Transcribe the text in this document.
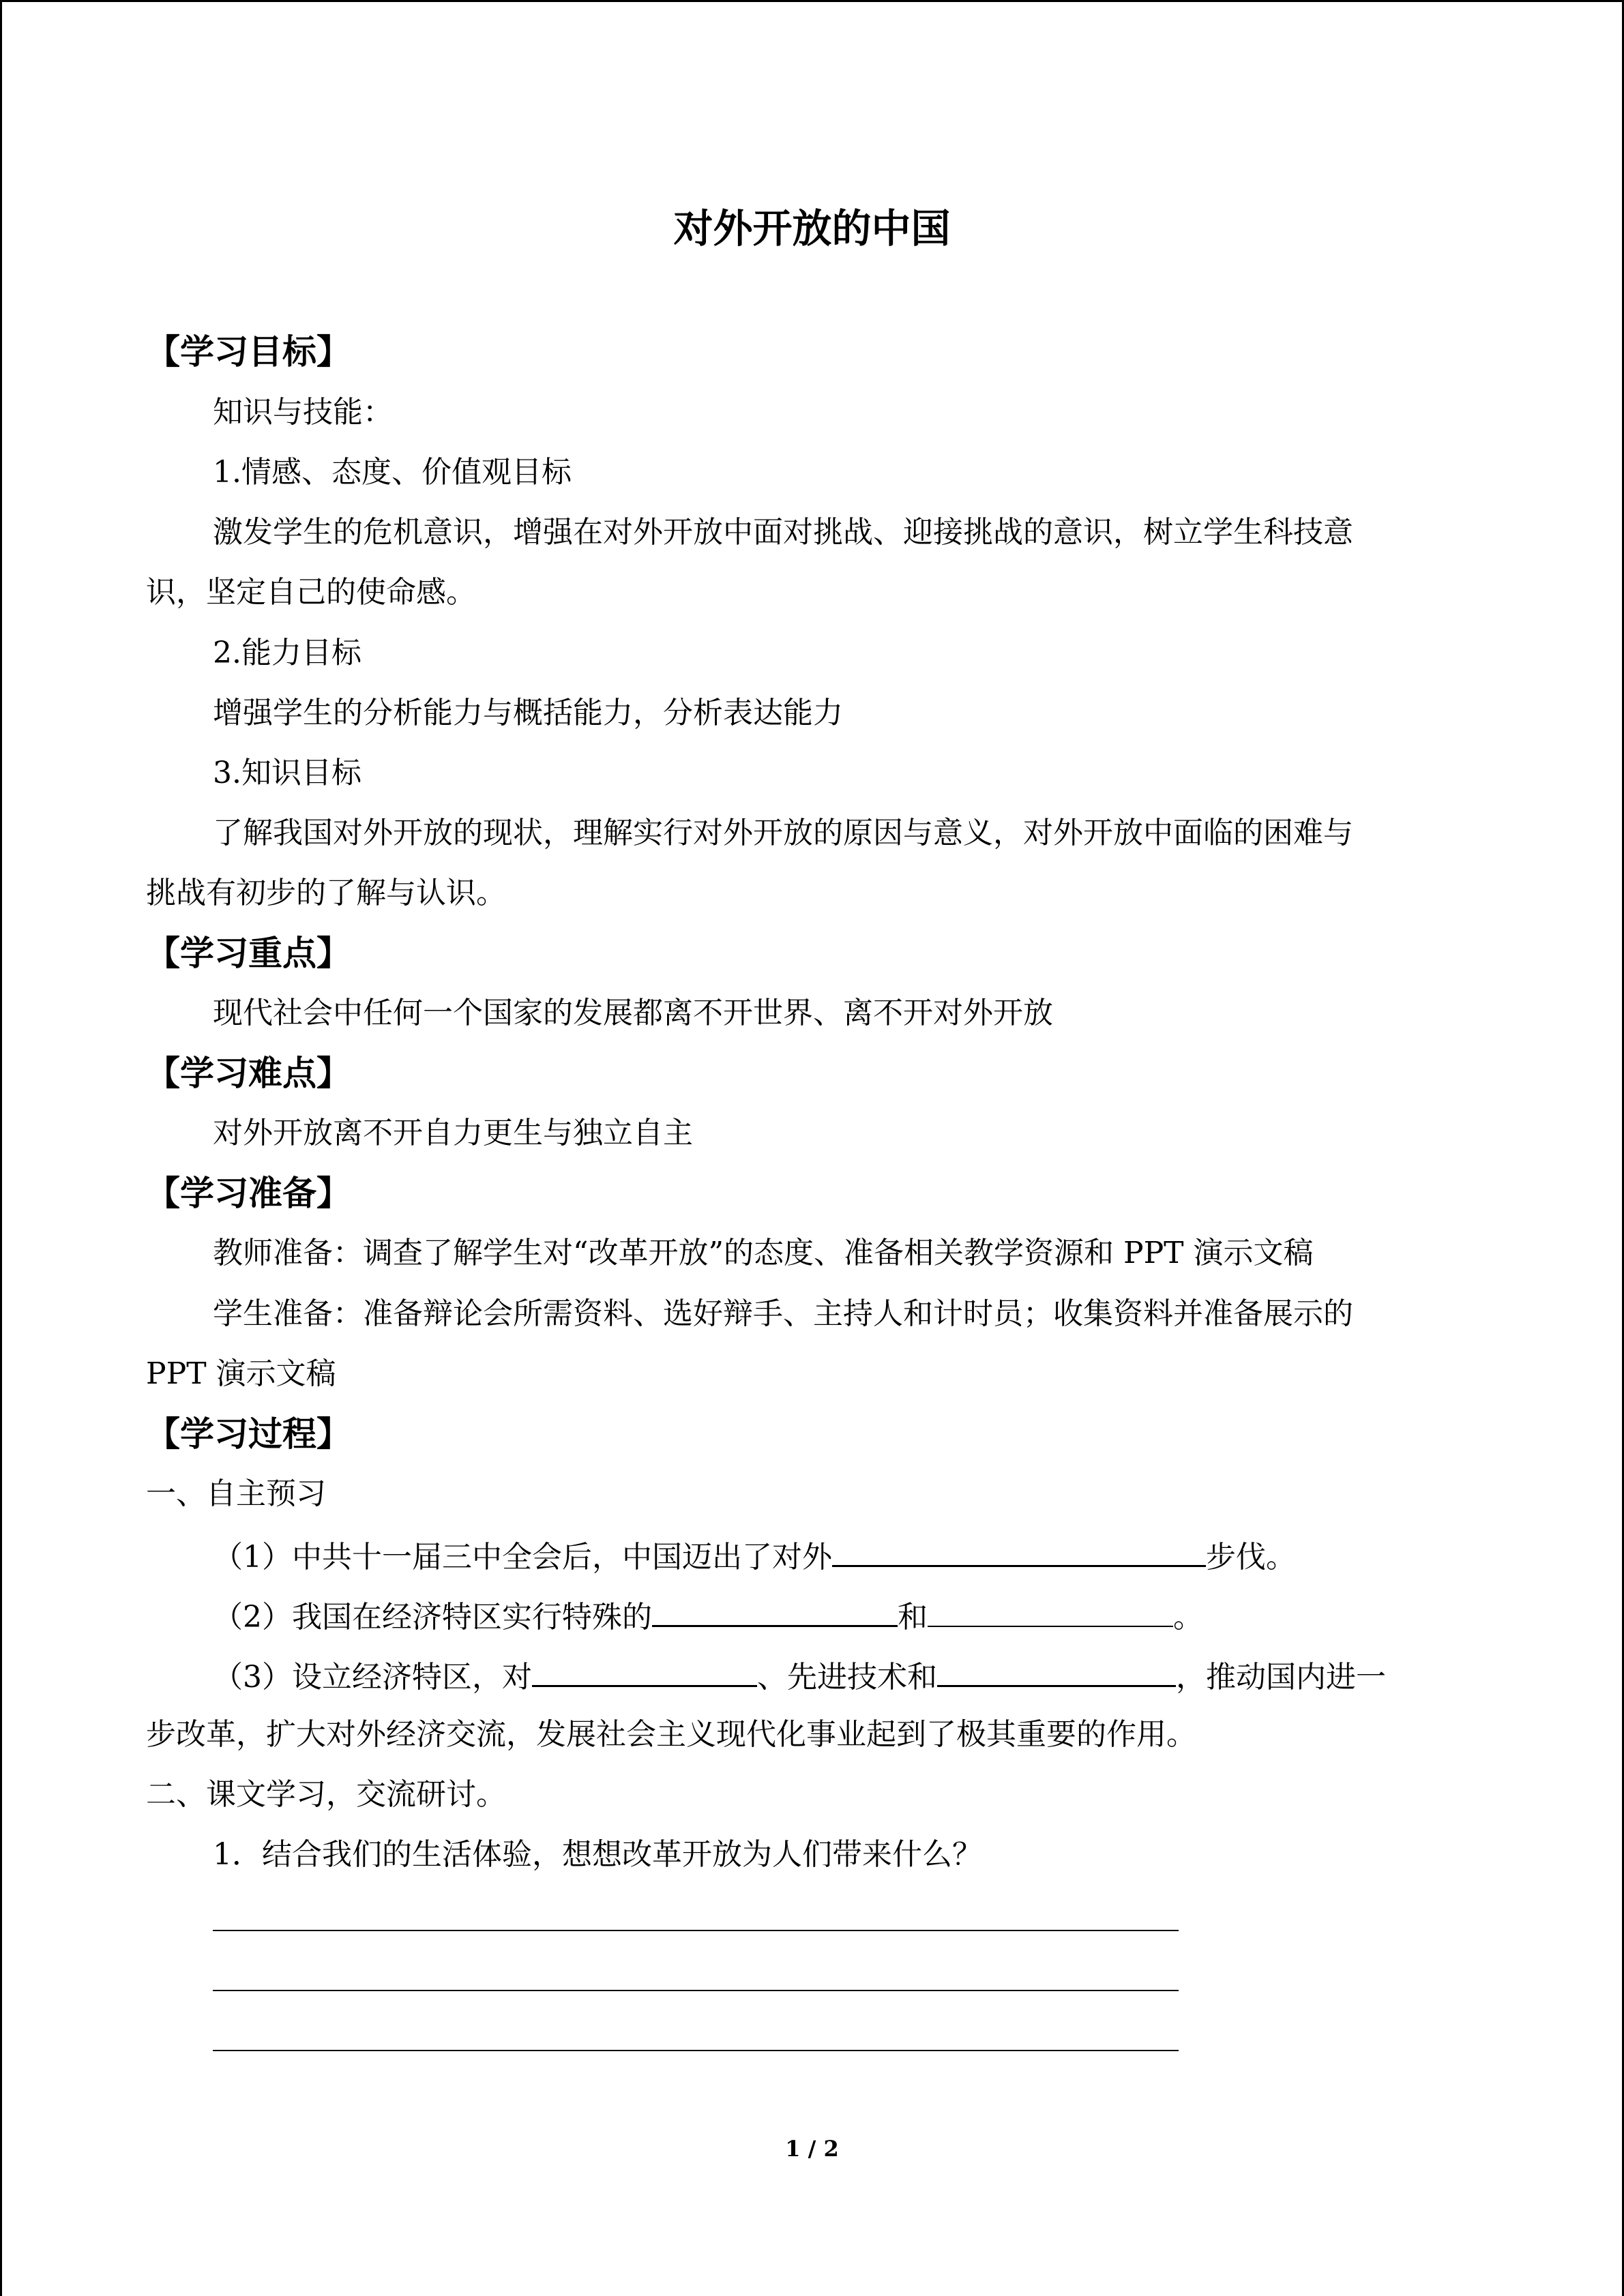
对外开放的中国
【学习目标】
知识与技能：
1.情感、态度、价值观目标
激发学生的危机意识，增强在对外开放中面对挑战、迎接挑战的意识，树立学生科技意
识，坚定自己的使命感。
2.能力目标
增强学生的分析能力与概括能力，分析表达能力
3.知识目标
了解我国对外开放的现状，理解实行对外开放的原因与意义，对外开放中面临的困难与
挑战有初步的了解与认识。
【学习重点】
现代社会中任何一个国家的发展都离不开世界、离不开对外开放
【学习难点】
对外开放离不开自力更生与独立自主
【学习准备】
教师准备：调查了解学生对“改革开放”的态度、准备相关教学资源和 PPT 演示文稿
学生准备：准备辩论会所需资料、选好辩手、主持人和计时员；收集资料并准备展示的
PPT 演示文稿
【学习过程】
一、自主预习
（1）中共十一届三中全会后，中国迈出了对外	步伐。
（2）我国在经济特区实行特殊的	和	。
（3）设立经济特区，对	、先进技术和	，推动国内进一
步改革，扩大对外经济交流，发展社会主义现代化事业起到了极其重要的作用。
二、课文学习，交流研讨。
1．结合我们的生活体验，想想改革开放为人们带来什么？
1 / 2
